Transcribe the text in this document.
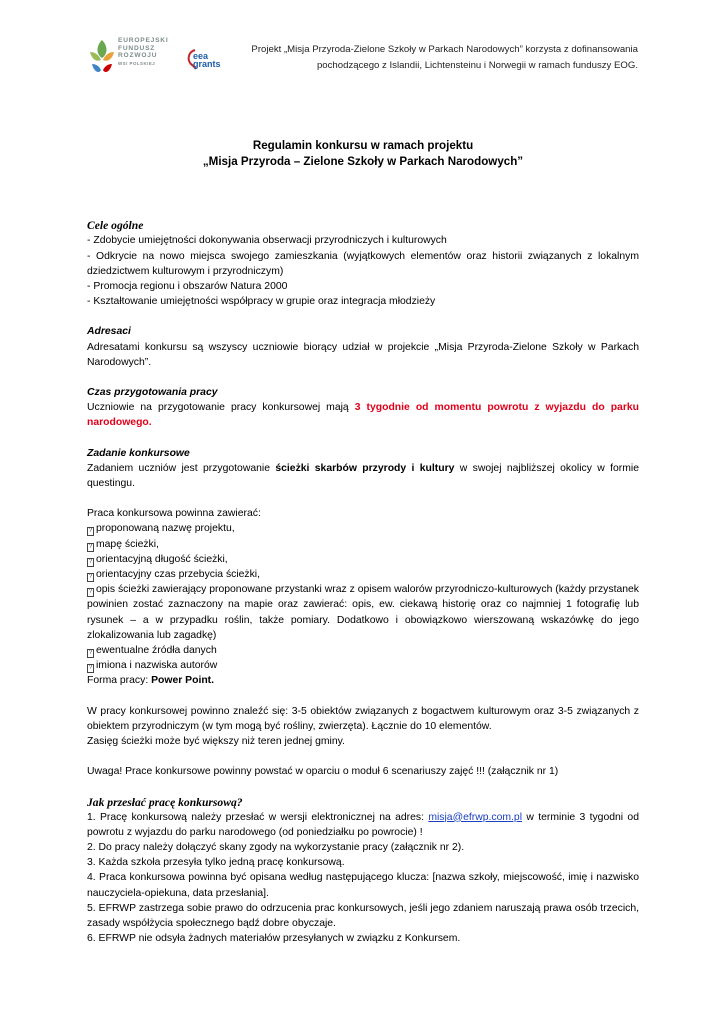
EUROPEJSKI
FUNDUSZ
ROZWOJU
WSI POLSKIEJ
eea
grants
Projekt „Misja Przyroda-Zielone Szkoły w Parkach Narodowych” korzysta z dofinansowania
pochodzącego z Islandii, Lichtensteinu i Norwegii w ramach funduszy EOG.

Regulamin konkursu w ramach projektu

„Misja Przyroda – Zielone Szkoły w Parkach Narodowych”

Cele ogólne

- Zdobycie umiejętności dokonywania obserwacji przyrodniczych i kulturowych

- Odkrycie na nowo miejsca swojego zamieszkania (wyjątkowych elementów oraz historii związanych z lokalnym dziedzictwem kulturowym i przyrodniczym)

- Promocja regionu i obszarów Natura 2000

- Kształtowanie umiejętności współpracy w grupie oraz integracja młodzieży

Adresaci

Adresatami konkursu są wszyscy uczniowie biorący udział w projekcie „Misja Przyroda-Zielone Szkoły w Parkach Narodowych”.

Czas przygotowania pracy

Uczniowie na przygotowanie pracy konkursowej mają 3 tygodnie od momentu powrotu z wyjazdu do parku narodowego.

Zadanie konkursowe

Zadaniem uczniów jest przygotowanie ścieżki skarbów przyrody i kultury w swojej najbliższej okolicy w formie questingu.

Praca konkursowa powinna zawierać:

? proponowaną nazwę projektu,

? mapę ścieżki,

? orientacyjną długość ścieżki,

? orientacyjny czas przebycia ścieżki,

? opis ścieżki zawierający proponowane przystanki wraz z opisem walorów przyrodniczo-kulturowych (każdy przystanek powinien zostać zaznaczony na mapie oraz zawierać: opis, ew. ciekawą historię oraz co najmniej 1 fotografię lub rysunek – a w przypadku roślin, także pomiary. Dodatkowo i obowiązkowo wierszowaną wskazówkę do jego zlokalizowania lub zagadkę)

? ewentualne źródła danych

? imiona i nazwiska autorów

Forma pracy: Power Point.

W pracy konkursowej powinno znaleźć się: 3-5 obiektów związanych z bogactwem kulturowym oraz 3-5 związanych z obiektem przyrodniczym (w tym mogą być rośliny, zwierzęta). Łącznie do 10 elementów.

Zasięg ścieżki może być większy niż teren jednej gminy.

Uwaga! Prace konkursowe powinny powstać w oparciu o moduł 6 scenariuszy zajęć !!! (załącznik nr 1)

Jak przesłać pracę konkursową?

1. Pracę konkursową należy przesłać w wersji elektronicznej na adres: misja@efrwp.com.pl w terminie 3 tygodni od powrotu z wyjazdu do parku narodowego (od poniedziałku po powrocie) !

2. Do pracy należy dołączyć skany zgody na wykorzystanie pracy (załącznik nr 2).

3. Każda szkoła przesyła tylko jedną pracę konkursową.

4. Praca konkursowa powinna być opisana według następującego klucza: [nazwa szkoły, miejscowość, imię i nazwisko nauczyciela-opiekuna, data przesłania].

5. EFRWP zastrzega sobie prawo do odrzucenia prac konkursowych, jeśli jego zdaniem naruszają prawa osób trzecich, zasady współżycia społecznego bądź dobre obyczaje.

6. EFRWP nie odsyła żadnych materiałów przesyłanych w związku z Konkursem.
